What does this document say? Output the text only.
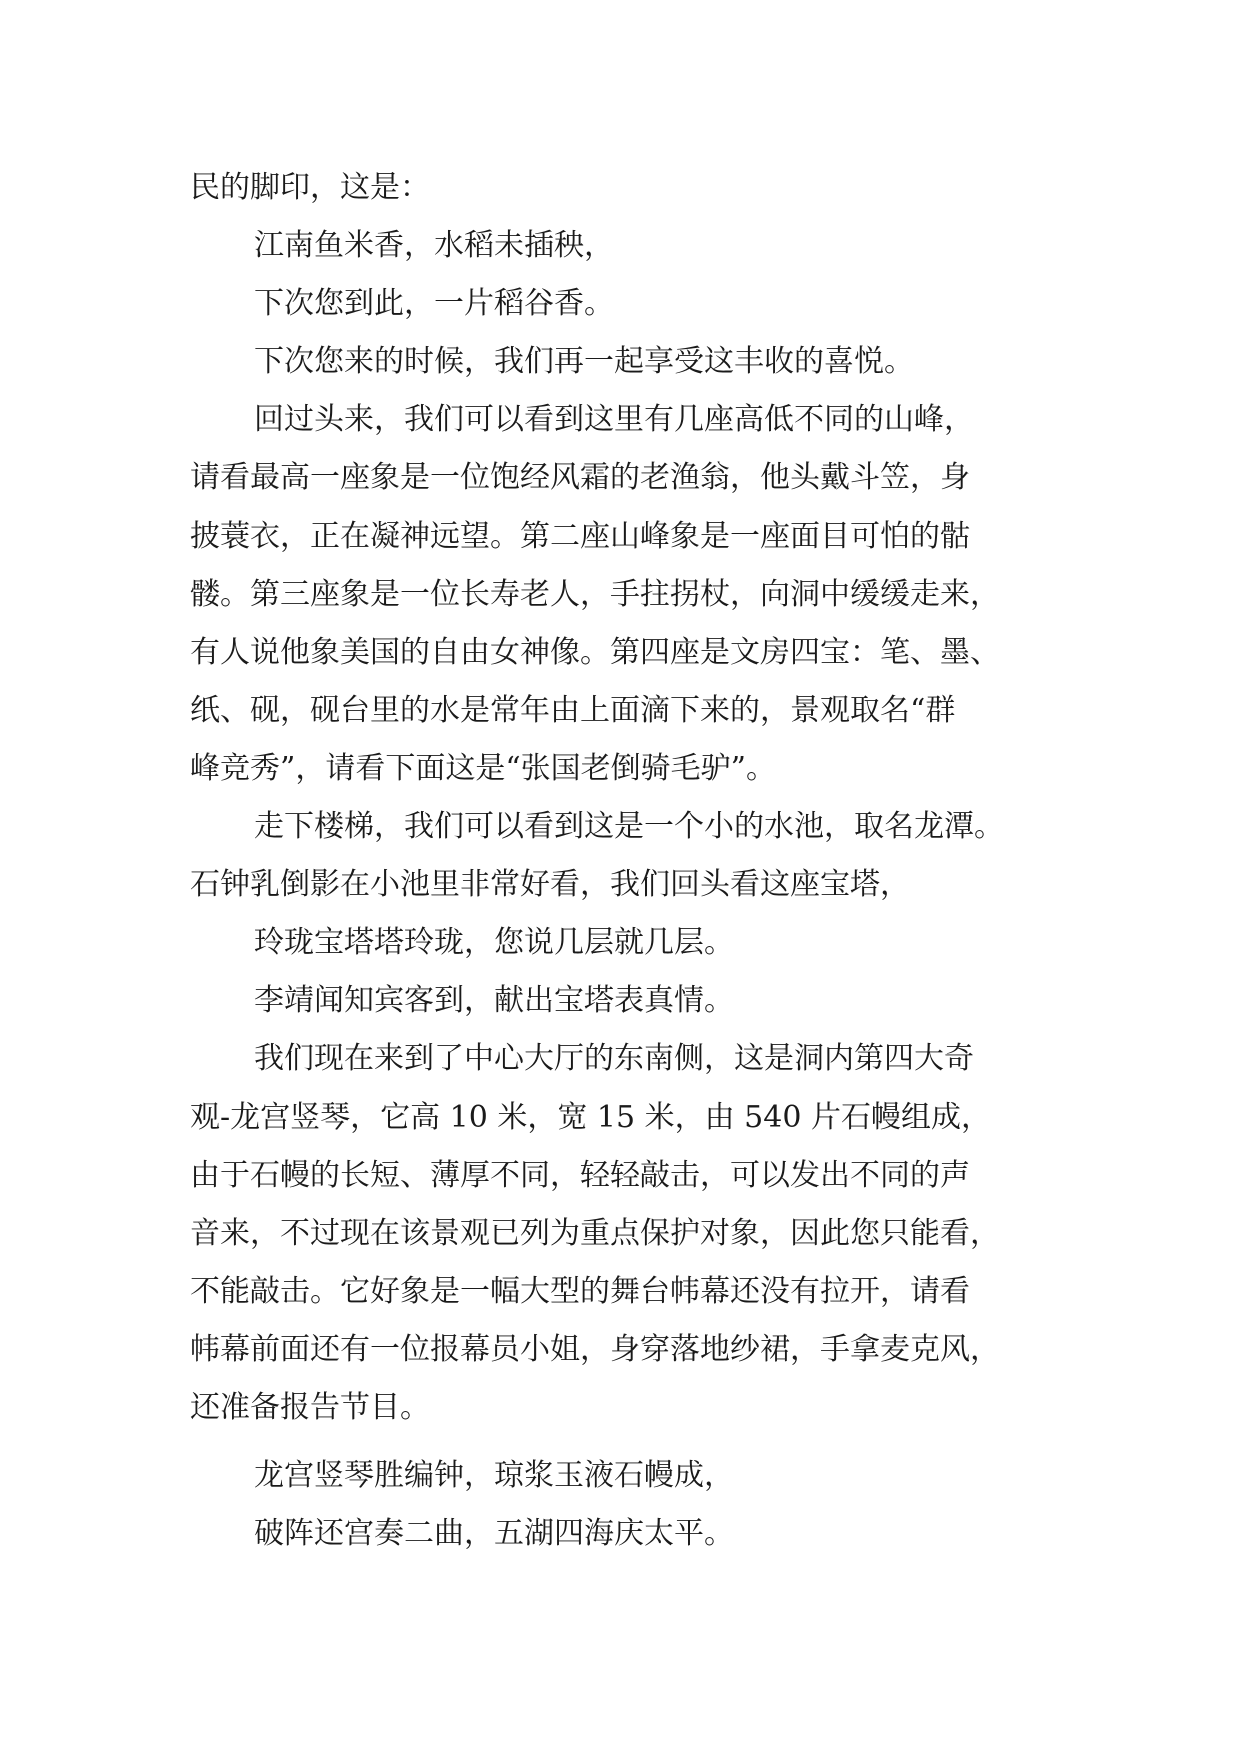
民的脚印，这是：
江南鱼米香，水稻未插秧，
下次您到此，一片稻谷香。
下次您来的时候，我们再一起享受这丰收的喜悦。
回过头来，我们可以看到这里有几座高低不同的山峰，
请看最高一座象是一位饱经风霜的老渔翁，他头戴斗笠，身
披蓑衣，正在凝神远望。第二座山峰象是一座面目可怕的骷
髅。第三座象是一位长寿老人，手拄拐杖，向洞中缓缓走来，
有人说他象美国的自由女神像。第四座是文房四宝：笔、墨、
纸、砚，砚台里的水是常年由上面滴下来的，景观取名“群
峰竞秀”，请看下面这是“张国老倒骑毛驴”。
走下楼梯，我们可以看到这是一个小的水池，取名龙潭。
石钟乳倒影在小池里非常好看，我们回头看这座宝塔，
玲珑宝塔塔玲珑，您说几层就几层。
李靖闻知宾客到，献出宝塔表真情。
我们现在来到了中心大厅的东南侧，这是洞内第四大奇
观-龙宫竖琴，它高 10 米，宽 15 米，由 540 片石幔组成，
由于石幔的长短、薄厚不同，轻轻敲击，可以发出不同的声
音来，不过现在该景观已列为重点保护对象，因此您只能看，
不能敲击。它好象是一幅大型的舞台帏幕还没有拉开，请看
帏幕前面还有一位报幕员小姐，身穿落地纱裙，手拿麦克风，
还准备报告节目。
龙宫竖琴胜编钟，琼浆玉液石幔成，
破阵还宫奏二曲，五湖四海庆太平。
